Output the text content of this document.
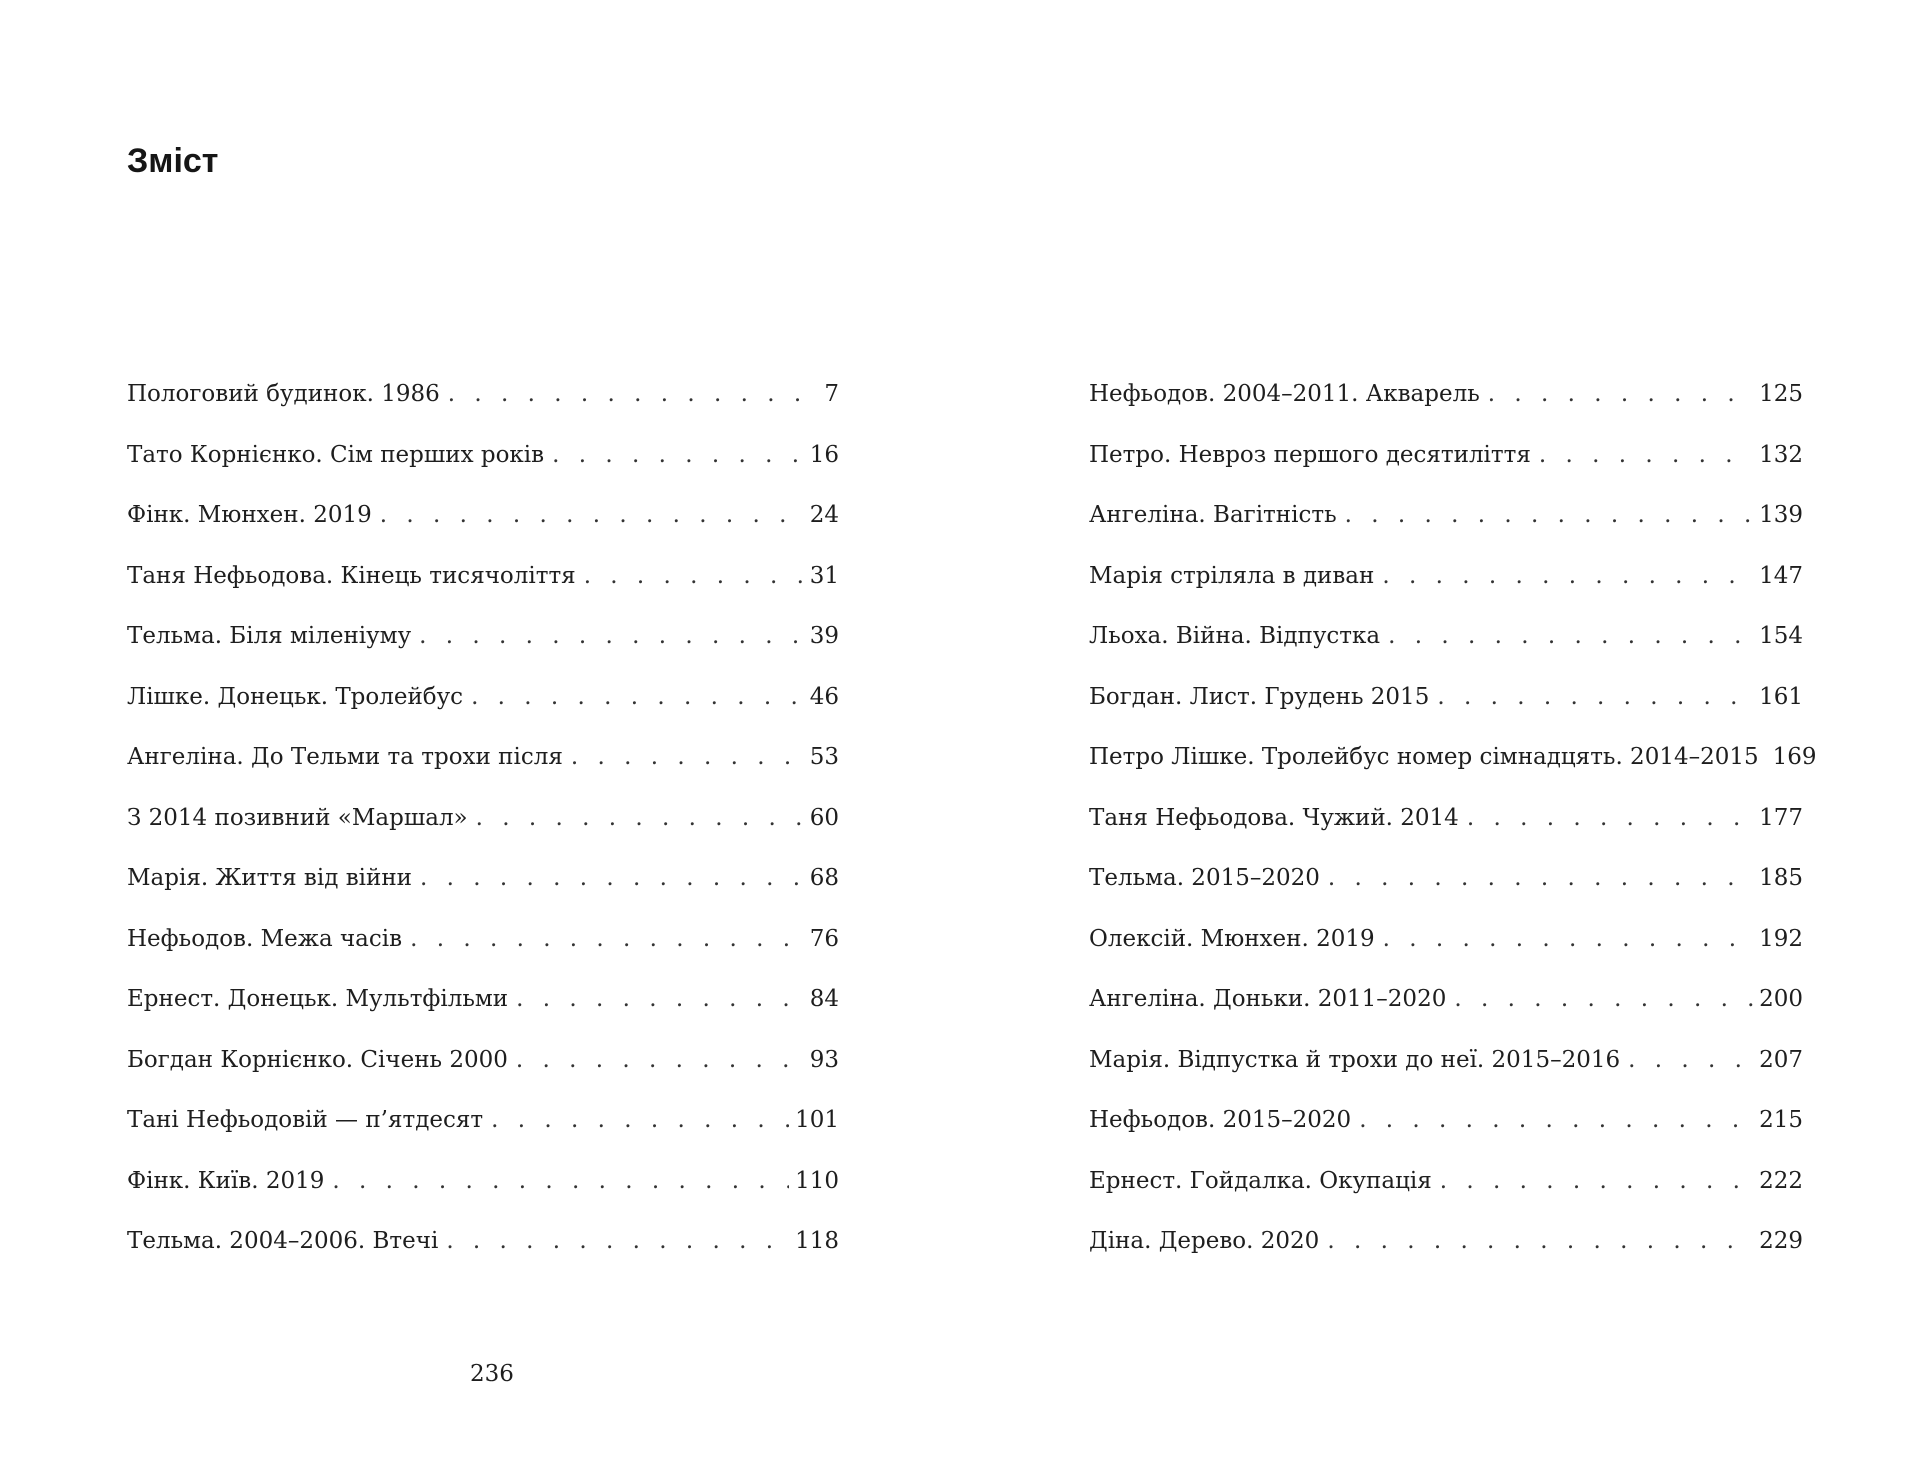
Зміст
Пологовий будинок. 1986 . . .	7
Тато Корнієнко. Сім перших років . . .	16
Фінк. Мюнхен. 2019 . . .	24
Таня Нефьодова. Кінець тисячоліття . . .	31
Тельма. Біля міленіуму . . .	39
Лішке. Донецьк. Тролейбус . . .	46
Ангеліна. До Тельми та трохи після . . .	53
З 2014 позивний «Маршал» . . .	60
Марія. Життя від війни . . .	68
Нефьодов. Межа часів . . .	76
Ернест. Донецьк. Мультфільми . . .	84
Богдан Корнієнко. Січень 2000 . . .	93
Тані Нефьодовій — п’ятдесят . . .	101
Фінк. Київ. 2019 . . .	110
Тельма. 2004–2006. Втечі . . .	118
Нефьодов. 2004–2011. Акварель . . .	125
Петро. Невроз першого десятиліття . . .	132
Ангеліна. Вагітність . . .	139
Марія стріляла в диван . . .	147
Льоха. Війна. Відпустка . . .	154
Богдан. Лист. Грудень 2015 . . .	161
Петро Лішке. Тролейбус номер сімнадцять. 2014–2015 169
Таня Нефьодова. Чужий. 2014 . . .	177
Тельма. 2015–2020 . . .	185
Олексій. Мюнхен. 2019 . . .	192
Ангеліна. Доньки. 2011–2020 . . .	200
Марія. Відпустка й трохи до неї. 2015–2016 . . .	207
Нефьодов. 2015–2020 . . .	215
Ернест. Гойдалка. Окупація . . .	222
Діна. Дерево. 2020 . . .	229
236
